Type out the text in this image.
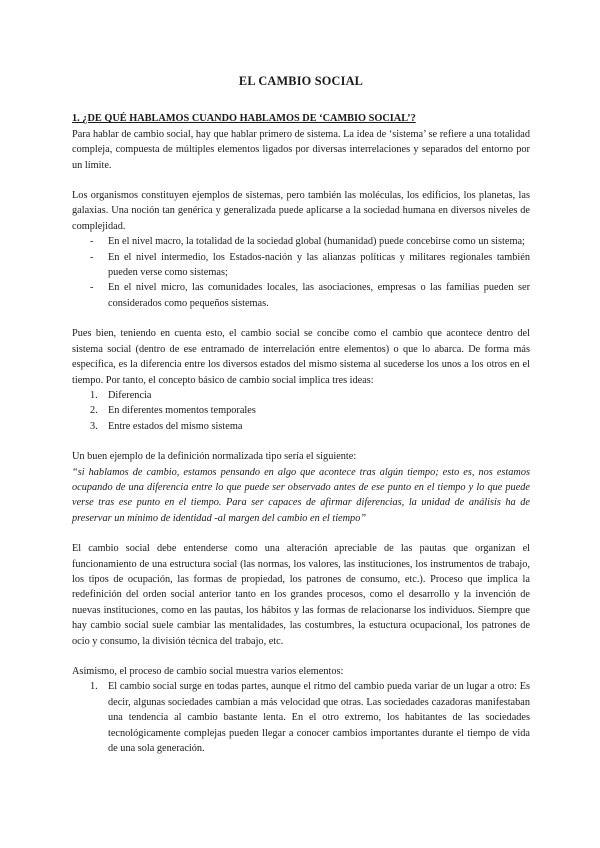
EL CAMBIO SOCIAL

1. ¿DE QUÉ HABLAMOS CUANDO HABLAMOS DE ‘CAMBIO SOCIAL’?

Para hablar de cambio social, hay que hablar primero de sistema. La idea de ‘sistema’ se refiere a una totalidad compleja, compuesta de múltiples elementos ligados por diversas interrelaciones y separados del entorno por un límite.

Los organismos constituyen ejemplos de sistemas, pero también las moléculas, los edificios, los planetas, las galaxias. Una noción tan genérica y generalizada puede aplicarse a la sociedad humana en diversos niveles de complejidad.

- En el nivel macro, la totalidad de la sociedad global (humanidad) puede concebirse como un sistema;
- En el nivel intermedio, los Estados-nación y las alianzas políticas y militares regionales también pueden verse como sistemas;
- En el nivel micro, las comunidades locales, las asociaciones, empresas o las familias pueden ser considerados como pequeños sistemas.

Pues bien, teniendo en cuenta esto, el cambio social se concibe como el cambio que acontece dentro del sistema social (dentro de ese entramado de interrelación entre elementos) o que lo abarca. De forma más específica, es la diferencia entre los diversos estados del mismo sistema al sucederse los unos a los otros en el tiempo. Por tanto, el concepto básico de cambio social implica tres ideas:

1. Diferencia
2. En diferentes momentos temporales
3. Entre estados del mismo sistema

Un buen ejemplo de la definición normalizada tipo sería el siguiente:

“si hablamos de cambio, estamos pensando en algo que acontece tras algún tiempo; esto es, nos estamos ocupando de una diferencia entre lo que puede ser observado antes de ese punto en el tiempo y lo que puede verse tras ese punto en el tiempo. Para ser capaces de afirmar diferencias, la unidad de análisis ha de preservar un mínimo de identidad -al margen del cambio en el tiempo”

El cambio social debe entenderse como una alteración apreciable de las pautas que organizan el funcionamiento de una estructura social (las normas, los valores, las instituciones, los instrumentos de trabajo, los tipos de ocupación, las formas de propiedad, los patrones de consumo, etc.). Proceso que implica la redefinición del orden social anterior tanto en los grandes procesos, como el desarrollo y la invención de nuevas instituciones, como en las pautas, los hábitos y las formas de relacionarse los individuos. Siempre que hay cambio social suele cambiar las mentalidades, las costumbres, la estuctura ocupacional, los patrones de ocio y consumo, la división técnica del trabajo, etc.

Asimismo, el proceso de cambio social muestra varios elementos:

1. El cambio social surge en todas partes, aunque el ritmo del cambio pueda variar de un lugar a otro: Es decir, algunas sociedades cambian a más velocidad que otras. Las sociedades cazadoras manifestaban una tendencia al cambio bastante lenta. En el otro extremo, los habitantes de las sociedades tecnológicamente complejas pueden llegar a conocer cambios importantes durante el tiempo de vida de una sola generación.
